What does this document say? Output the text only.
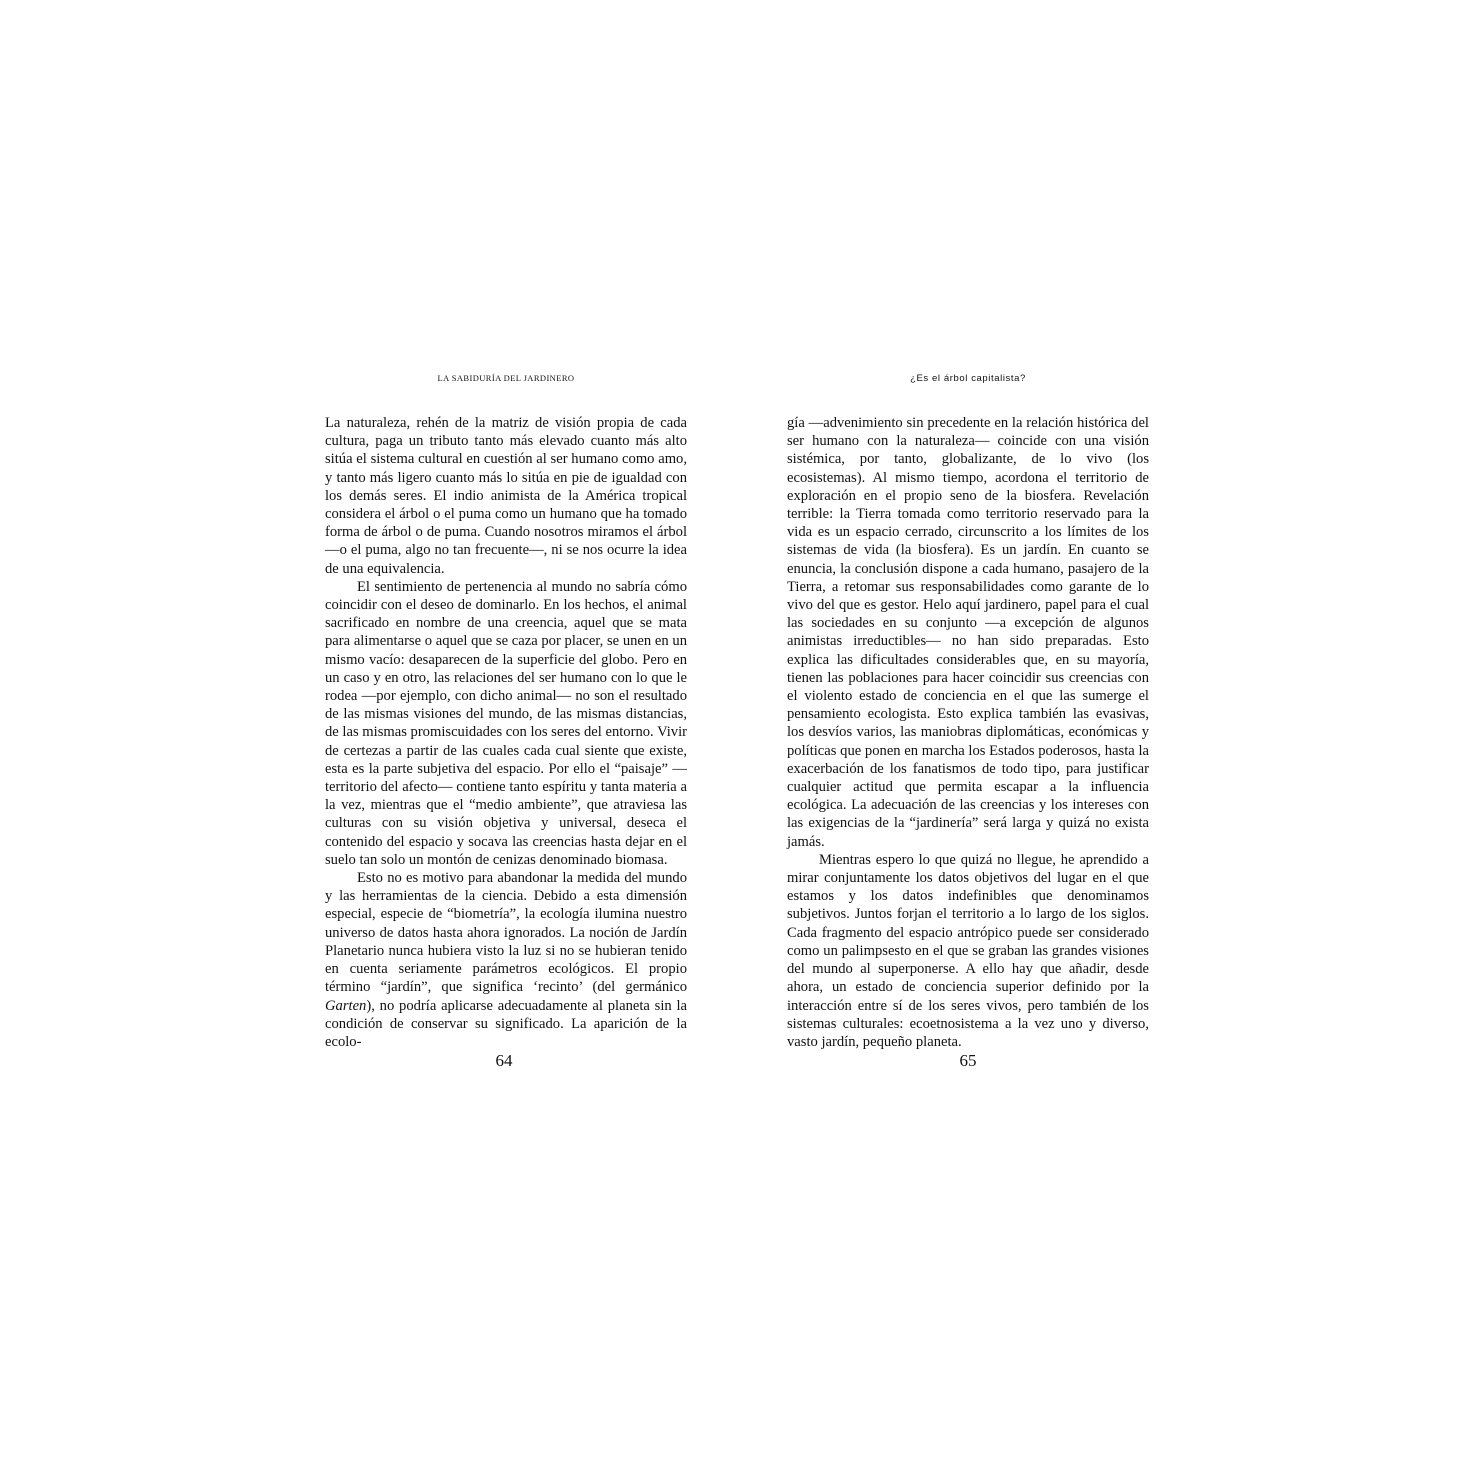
LA SABIDURÍA DEL JARDINERO

La naturaleza, rehén de la matriz de visión propia de cada cultura, paga un tributo tanto más elevado cuanto más alto sitúa el sistema cultural en cuestión al ser humano como amo, y tanto más ligero cuanto más lo sitúa en pie de igualdad con los demás seres. El indio animista de la América tropical considera el árbol o el puma como un humano que ha tomado forma de árbol o de puma. Cuando nosotros miramos el árbol —o el puma, algo no tan frecuente—, ni se nos ocurre la idea de una equivalencia.

El sentimiento de pertenencia al mundo no sabría cómo coincidir con el deseo de dominarlo. En los hechos, el animal sacrificado en nombre de una creencia, aquel que se mata para alimentarse o aquel que se caza por placer, se unen en un mismo vacío: desaparecen de la superficie del globo. Pero en un caso y en otro, las relaciones del ser humano con lo que le rodea —por ejemplo, con dicho animal— no son el resultado de las mismas visiones del mundo, de las mismas distancias, de las mismas promiscuidades con los seres del entorno. Vivir de certezas a partir de las cuales cada cual siente que existe, esta es la parte subjetiva del espacio. Por ello el “paisaje” —territorio del afecto— contiene tanto espíritu y tanta materia a la vez, mientras que el “medio ambiente”, que atraviesa las culturas con su visión objetiva y universal, deseca el contenido del espacio y socava las creencias hasta dejar en el suelo tan solo un montón de cenizas denominado biomasa.

Esto no es motivo para abandonar la medida del mundo y las herramientas de la ciencia. Debido a esta dimensión especial, especie de “biometría”, la ecología ilumina nuestro universo de datos hasta ahora ignorados. La noción de Jardín Planetario nunca hubiera visto la luz si no se hubieran tenido en cuenta seriamente parámetros ecológicos. El propio término “jardín”, que significa ‘recinto’ (del germánico Garten), no podría aplicarse adecuadamente al planeta sin la condición de conservar su significado. La aparición de la ecolo-

64
¿Es el árbol capitalista?

gía —advenimiento sin precedente en la relación histórica del ser humano con la naturaleza— coincide con una visión sistémica, por tanto, globalizante, de lo vivo (los ecosistemas). Al mismo tiempo, acordona el territorio de exploración en el propio seno de la biosfera. Revelación terrible: la Tierra tomada como territorio reservado para la vida es un espacio cerrado, circunscrito a los límites de los sistemas de vida (la biosfera). Es un jardín. En cuanto se enuncia, la conclusión dispone a cada humano, pasajero de la Tierra, a retomar sus responsabilidades como garante de lo vivo del que es gestor. Helo aquí jardinero, papel para el cual las sociedades en su conjunto —a excepción de algunos animistas irreductibles— no han sido preparadas. Esto explica las dificultades considerables que, en su mayoría, tienen las poblaciones para hacer coincidir sus creencias con el violento estado de conciencia en el que las sumerge el pensamiento ecologista. Esto explica también las evasivas, los desvíos varios, las maniobras diplomáticas, económicas y políticas que ponen en marcha los Estados poderosos, hasta la exacerbación de los fanatismos de todo tipo, para justificar cualquier actitud que permita escapar a la influencia ecológica. La adecuación de las creencias y los intereses con las exigencias de la “jardinería” será larga y quizá no exista jamás.

Mientras espero lo que quizá no llegue, he aprendido a mirar conjuntamente los datos objetivos del lugar en el que estamos y los datos indefinibles que denominamos subjetivos. Juntos forjan el territorio a lo largo de los siglos. Cada fragmento del espacio antrópico puede ser considerado como un palimpsesto en el que se graban las grandes visiones del mundo al superponerse. A ello hay que añadir, desde ahora, un estado de conciencia superior definido por la interacción entre sí de los seres vivos, pero también de los sistemas culturales: ecoetnosistema a la vez uno y diverso, vasto jardín, pequeño planeta.

65
